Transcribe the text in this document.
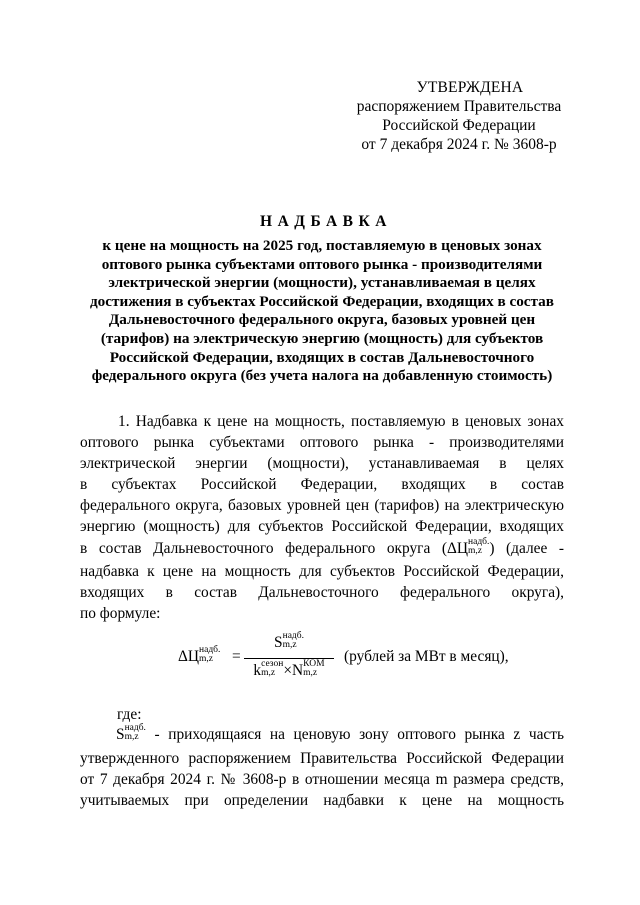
УТВЕРЖДЕНА
распоряжением Правительства
Российской Федерации
от 7 декабря 2024 г. № 3608-р
НАДБАВКА
к цене на мощность на 2025 год, поставляемую в ценовых зонах
оптового рынка субъектами оптового рынка - производителями
электрической энергии (мощности), устанавливаемая в целях
достижения в субъектах Российской Федерации, входящих в состав
Дальневосточного федерального округа, базовых уровней цен
(тарифов) на электрическую энергию (мощность) для субъектов
Российской Федерации, входящих в состав Дальневосточного
федерального округа (без учета налога на добавленную стоимость)
1. Надбавка к цене на мощность, поставляемую в ценовых зонах
оптового рынка субъектами оптового рынка - производителями
электрической энергии (мощности), устанавливаемая в целях
в субъектах Российской Федерации, входящих в состав
федерального округа, базовых уровней цен (тарифов) на электрическую
энергию (мощность) для субъектов Российской Федерации, входящих
в состав Дальневосточного федерального округа (ΔЦ надб.
m,z ) (далее -
надбавка к цене на мощность для субъектов Российской Федерации,
входящих в состав Дальневосточного федерального округа),
по формуле:
ΔЦ надб.
m,z	=
S надб.
m,z
k сезон
m,z ×N КОМ
m,z
(рублей за МВт в месяц),
где:
S надб.
m,z - приходящаяся на ценовую зону оптового рынка z часть
утвержденного распоряжением Правительства Российской Федерации
от 7 декабря 2024 г. № 3608-р в отношении месяца m размера средств,
учитываемых при определении надбавки к цене на мощность
